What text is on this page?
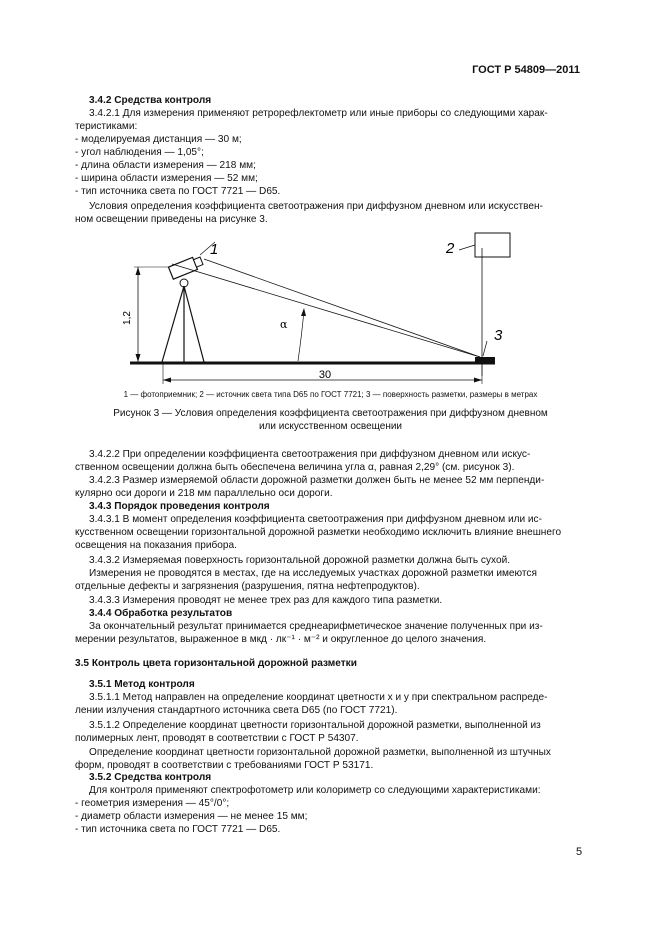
ГОСТ Р 54809—2011
3.4.2 Средства контроля
3.4.2.1 Для измерения применяют ретрорефлектометр или иные приборы со следующими харак-
теристиками:
- моделируемая дистанция — 30 м;
- угол наблюдения — 1,05°;
- длина области измерения — 218 мм;
- ширина области измерения — 52 мм;
- тип источника света по ГОСТ 7721 — D65.
Условия определения коэффициента светоотражения при диффузном дневном или искусствен-
ном освещении приведены на рисунке 3.
1,2
1	2
3
α
30
1 — фотоприемник; 2 — источник света типа D65 по ГОСТ 7721; 3 — поверхность разметки, размеры в метрах
Рисунок 3 — Условия определения коэффициента светоотражения при диффузном дневном
или искусственном освещении
3.4.2.2 При определении коэффициента светоотражения при диффузном дневном или искус-
ственном освещении должна быть обеспечена величина угла α, равная 2,29° (см. рисунок 3).
3.4.2.3 Размер измеряемой области дорожной разметки должен быть не менее 52 мм перпенди-
кулярно оси дороги и 218 мм параллельно оси дороги.
3.4.3 Порядок проведения контроля
3.4.3.1 В момент определения коэффициента светоотражения при диффузном дневном или ис-
кусственном освещении горизонтальной дорожной разметки необходимо исключить влияние внешнего
освещения на показания прибора.
3.4.3.2 Измеряемая поверхность горизонтальной дорожной разметки должна быть сухой.
Измерения не проводятся в местах, где на исследуемых участках дорожной разметки имеются
отдельные дефекты и загрязнения (разрушения, пятна нефтепродуктов).
3.4.3.3 Измерения проводят не менее трех раз для каждого типа разметки.
3.4.4 Обработка результатов
За окончательный результат принимается среднеарифметическое значение полученных при из-
мерении результатов, выраженное в мкд · лк⁻¹ · м⁻² и округленное до целого значения.
3.5 Контроль цвета горизонтальной дорожной разметки
3.5.1 Метод контроля
3.5.1.1 Метод направлен на определение координат цветности x и y при спектральном распреде-
лении излучения стандартного источника света D65 (по ГОСТ 7721).
3.5.1.2 Определение координат цветности горизонтальной дорожной разметки, выполненной из
полимерных лент, проводят в соответствии с ГОСТ Р 54307.
Определение координат цветности горизонтальной дорожной разметки, выполненной из штучных
форм, проводят в соответствии с требованиями ГОСТ Р 53171.
3.5.2 Средства контроля
Для контроля применяют спектрофотометр или колориметр со следующими характеристиками:
- геометрия измерения — 45°/0°;
- диаметр области измерения — не менее 15 мм;
- тип источника света по ГОСТ 7721 — D65.
5
